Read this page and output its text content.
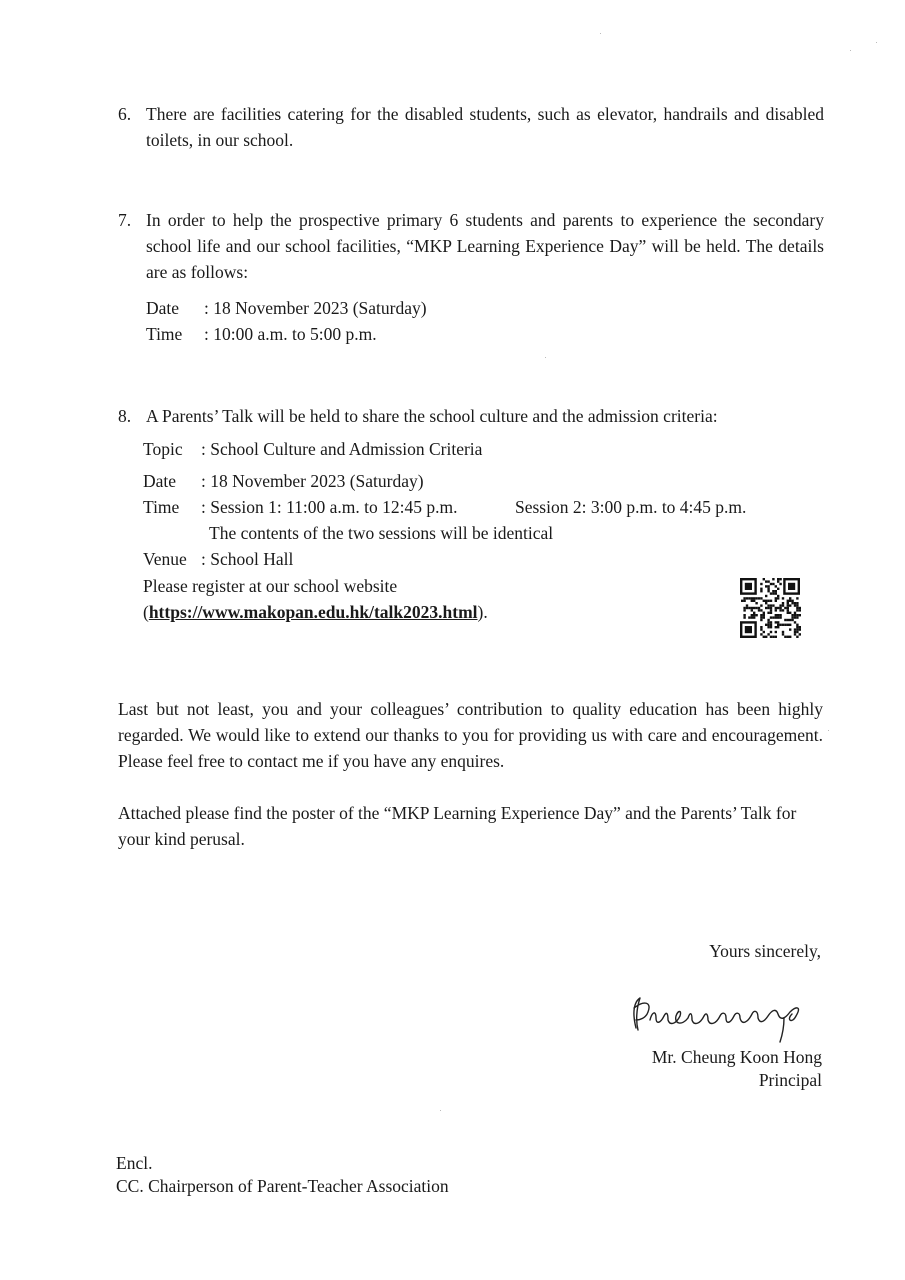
6. There are facilities catering for the disabled students, such as elevator, handrails and disabled toilets, in our school.
7. In order to help the prospective primary 6 students and parents to experience the secondary school life and our school facilities, “MKP Learning Experience Day” will be held. The details are as follows:
Date : 18 November 2023 (Saturday)
Time : 10:00 a.m. to 5:00 p.m.
8. A Parents’ Talk will be held to share the school culture and the admission criteria:
Topic : School Culture and Admission Criteria
Date : 18 November 2023 (Saturday)
Time : Session 1: 11:00 a.m. to 12:45 p.m.	Session 2: 3:00 p.m. to 4:45 p.m.
The contents of the two sessions will be identical
Venue : School Hall
Please register at our school website
(https://www.makopan.edu.hk/talk2023.html).
Last but not least, you and your colleagues’ contribution to quality education has been highly regarded. We would like to extend our thanks to you for providing us with care and encouragement. Please feel free to contact me if you have any enquires.
Attached please find the poster of the “MKP Learning Experience Day” and the Parents’ Talk for your kind perusal.
Yours sincerely,
Mr. Cheung Koon Hong
Principal
Encl.
CC. Chairperson of Parent-Teacher Association
